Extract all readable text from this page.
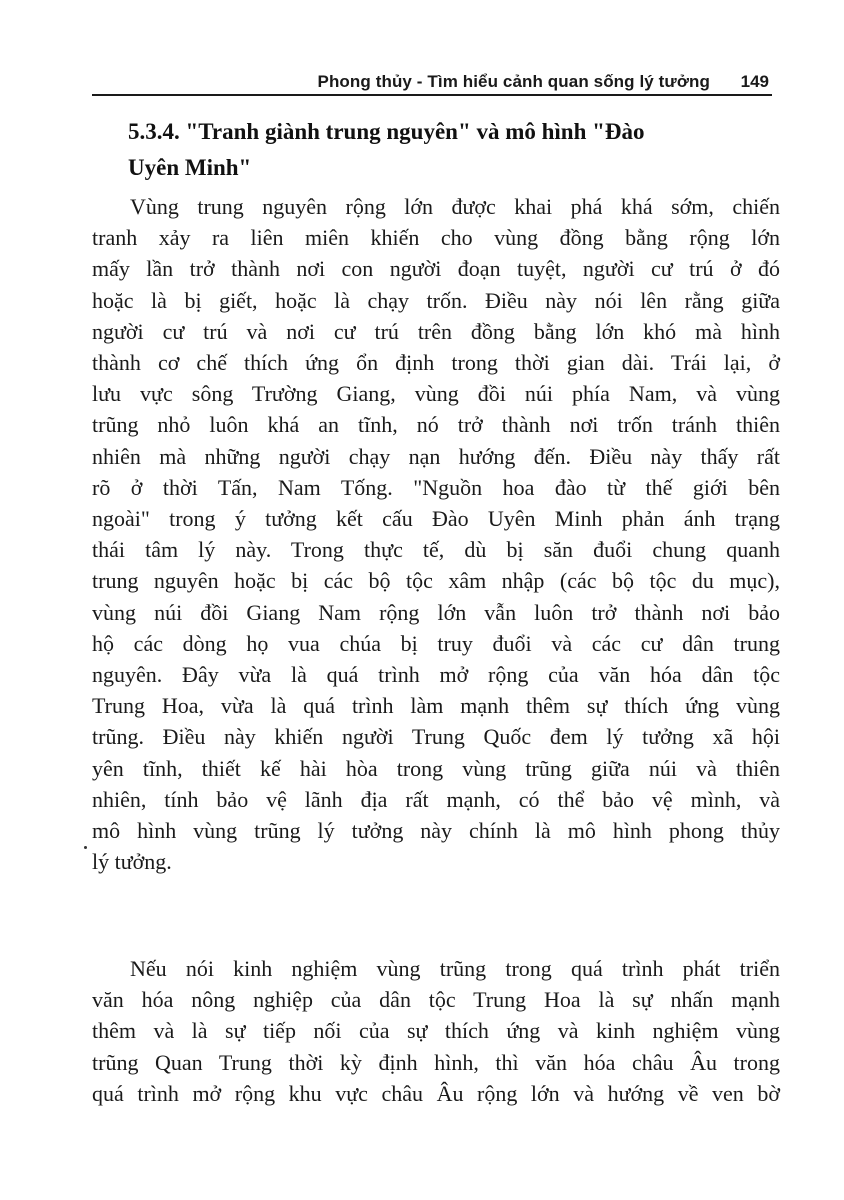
Phong thủy - Tìm hiểu cảnh quan sống lý tưởng 149
5.3.4. "Tranh giành trung nguyên" và mô hình "Đào
Uyên Minh"
Vùng trung nguyên rộng lớn được khai phá khá sớm, chiến
tranh xảy ra liên miên khiến cho vùng đồng bằng rộng lớn
mấy lần trở thành nơi con người đoạn tuyệt, người cư trú ở đó
hoặc là bị giết, hoặc là chạy trốn. Điều này nói lên rằng giữa
người cư trú và nơi cư trú trên đồng bằng lớn khó mà hình
thành cơ chế thích ứng ổn định trong thời gian dài. Trái lại, ở
lưu vực sông Trường Giang, vùng đồi núi phía Nam, và vùng
trũng nhỏ luôn khá an tĩnh, nó trở thành nơi trốn tránh thiên
nhiên mà những người chạy nạn hướng đến. Điều này thấy rất
rõ ở thời Tấn, Nam Tống. "Nguồn hoa đào từ thế giới bên
ngoài" trong ý tưởng kết cấu Đào Uyên Minh phản ánh trạng
thái tâm lý này. Trong thực tế, dù bị săn đuổi chung quanh
trung nguyên hoặc bị các bộ tộc xâm nhập (các bộ tộc du mục),
vùng núi đồi Giang Nam rộng lớn vẫn luôn trở thành nơi bảo
hộ các dòng họ vua chúa bị truy đuổi và các cư dân trung
nguyên. Đây vừa là quá trình mở rộng của văn hóa dân tộc
Trung Hoa, vừa là quá trình làm mạnh thêm sự thích ứng vùng
trũng. Điều này khiến người Trung Quốc đem lý tưởng xã hội
yên tĩnh, thiết kế hài hòa trong vùng trũng giữa núi và thiên
nhiên, tính bảo vệ lãnh địa rất mạnh, có thể bảo vệ mình, và
mô hình vùng trũng lý tưởng này chính là mô hình phong thủy
lý tưởng.
Nếu nói kinh nghiệm vùng trũng trong quá trình phát triển
văn hóa nông nghiệp của dân tộc Trung Hoa là sự nhấn mạnh
thêm và là sự tiếp nối của sự thích ứng và kinh nghiệm vùng
trũng Quan Trung thời kỳ định hình, thì văn hóa châu Âu trong
quá trình mở rộng khu vực châu Âu rộng lớn và hướng về ven bờ
